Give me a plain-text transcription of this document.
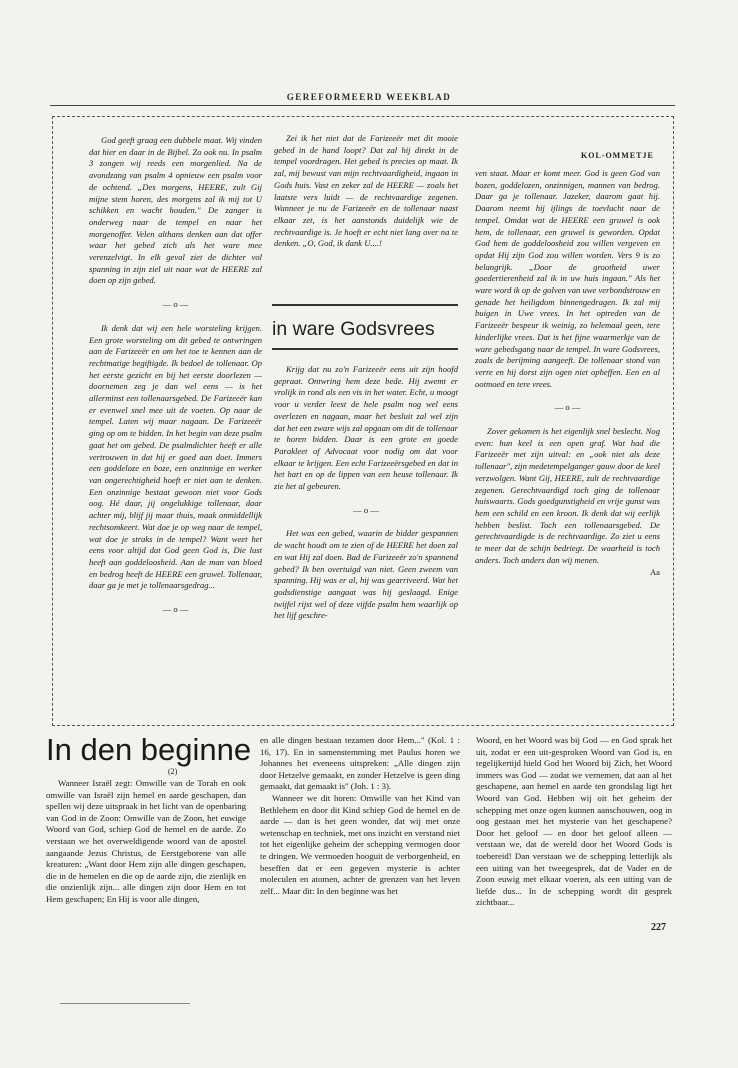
GEREFORMEERD WEEKBLAD

God geeft graag een dubbele maat. Wij vinden dat hier en daar in de Bijbel. Zo ook nu. In psalm 3 zongen wij reeds een morgenlied. Na de avondzang van psalm 4 opnieuw een psalm voor de ochtend. „Des morgens, HEERE, zult Gij mijne stem horen, des morgens zal ik mij tot U schikken en wacht houden." De zanger is onderweg naar de tempel en naar het morgenoffer. Velen althans denken aan dat offer waar het gebed zich als het ware mee verenzelvigt. In elk geval ziet de dichter vol spanning in zijn ziel uit naar wat de HEERE zal doen op zijn gebed.

— o —

Ik denk dat wij een hele worsteling krijgen. Een grote worsteling om dit gebed te ontwringen aan de Farizeeër en om het toe te kennen aan de rechtmatige begiftigde. Ik bedoel de tollenaar. Op het eerste gezicht en bij het eerste doorlezen — doornemen zeg je dan wel eens — is het allerminst een tollenaarsgebed. De Farizeeër kan er evenwel snel mee uit de voeten. Op naar de tempel. Laten wij maar nagaan. De Farizeeër ging op om te bidden. In het begin van deze psalm gaat het om gebed. De psalmdichter heeft er alle vertrouwen in dat hij er goed aan doet. Immers een goddeloze en boze, een onzinnige en werker van ongerechtigheid hoeft er niet aan te denken. Een onzinnige bestaat gewoon niet voor Gods oog. Hé daar, jij ongelukkige tollenaar, daar achter mij, blijf jij maar thuis, maak onmiddellijk rechtsomkeert. Wat doe je op weg naar de tempel, wat doe je straks in de tempel? Want weet het eens voor altijd dat God geen God is, Die lust heeft aan goddeloosheid. Aan de man van bloed en bedrog heeft de HEERE een gruwel. Tollenaar, daar ga je met je tollenaarsgedrag...

— o —

Zei ik het niet dat de Farizeeër met dit mooie gebed in de hand loopt? Dat zal hij direkt in de tempel voordragen. Het gebed is precies op maat. Ik zal, mij bewust van mijn rechtvaardigheid, ingaan in Gods huis. Vast en zeker zal de HEERE — zoals het laatste vers luidt — de rechtvaardige zegenen. Wanneer je nu de Farizeeër en de tollenaar naast elkaar zet, is het aanstonds duidelijk wie de rechtvaardige is. Je hoeft er echt niet lang over na te denken. „O, God, ik dank U....!

in ware Godsvrees

Krijg dat nu zo'n Farizeeër eens uit zijn hoofd gepraat. Ontwring hem deze bede. Hij zwemt er vrolijk in rond als een vis in het water. Echt, u moogt voor u verder leest de hele psalm nog wel eens overlezen en nagaan, maar het besluit zal wel zijn dat het een zware wijs zal opgaan om dit de tollenaar te horen bidden. Daar is een grote en goede Parakleet of Advocaat voor nodig om dat voor elkaar te krijgen. Een echt Farizeeërsgebed en dat in het hart en op de lippen van een heuse tollenaar. Ik zie het al gebeuren.

— o —

Het was een gebed, waarin de bidder gespannen de wacht houdt om te zien of de HEERE het doen zal en wat Hij zal doen. Bad de Farizeeër zo'n spannend gebed? Ik ben overtuigd van niet. Geen zweem van spanning. Hij was er al, hij was gearriveerd. Wat het godsdienstige aangaat was hij geslaagd. Enige twijfel rijst wel of deze vijfde psalm hem waarlijk op het lijf geschre-

KOL-OMMETJE

ven staat. Maar er komt meer. God is geen God van bozen, goddelozen, onzinnigen, mannen van bedrog. Daar ga je tollenaar. Jazeker, daarom gaat hij. Daarom neemt hij ijlings de toevlucht naar de tempel. Omdat wat de HEERE een gruwel is ook hem, de tollenaar, een gruwel is geworden. Opdat God hem de goddeloosheid zou willen vergeven en opdat Hij zijn God zou willen worden. Vers 9 is zo belangrijk. „Door de grootheid uwer goedertierenheid zal ik in uw huis ingaan." Als het ware word ik op de golven van uwe verbondstrouw en genade het heiligdom binnengedragen. Ik zal mij buigen in Uwe vrees. In het optreden van de Farizeeër bespeur ik weinig, zo helemaal geen, tere kinderlijke vrees. Dat is het fijne waarmerkje van de ware gebedsgang naar de tempel. In ware Godsvrees, zoals de berijming aangeeft. De tollenaar stond van verre en hij dorst zijn ogen niet opheffen. Een en al ootmoed en tere vrees.

— o —

Zover gekomen is het eigenlijk snel beslecht. Nog even: hun keel is een open graf. Wat had die Farizeeër met zijn uitval: en „ook niet als deze tollenaar", zijn medetempelganger gauw door de keel verzwolgen. Want Gij, HEERE, zult de rechtvaardige zegenen. Gerechtvaardigd toch ging de tollenaar huiswaarts. Gods goedgunstigheid en vrije gunst was hem een schild en een kroon. Ik denk dat wij eerlijk hebben beslist. Toch een tollenaarsgebed. De gerechtvaardigde is de rechtvaardige. Zo ziet u eens te meer dat de schijn bedriegt. De waarheid is toch anders. Toch anders dan wij menen.

Aa
In den beginne
(2)

Wanneer Israël zegt: Omwille van de Torah en ook omwille van Israël zijn hemel en aarde geschapen, dan spellen wij deze uitspraak in het licht van de openbaring van God in de Zoon: Omwille van de Zoon, het euwige Woord van God, schiep God de hemel en de aarde. Zo verstaan we het overweldigende woord van de apostel aangaande Jezus Christus, de Eerstgeborene van alle kreaturen: „Want door Hem zijn alle dingen geschapen, die in de hemelen en die op de aarde zijn, die zienlijk en die onzienlijk zijn... alle dingen zijn door Hem en tot Hem geschapen; En Hij is voor alle dingen,

en alle dingen bestaan tezamen door Hem..." (Kol. 1 : 16, 17). En in samenstemming met Paulus horen we Johannes het eveneens uitspreken: „Alle dingen zijn door Hetzelve gemaakt, en zonder Hetzelve is geen ding gemaakt, dat gemaakt is" (Joh. 1 : 3).

Wanneer we dit horen: Omwille van het Kind van Bethlehem en door dit Kind schiep God de hemel en de aarde — dan is het geen wonder, dat wij met onze wetenschap en techniek, met ons inzicht en verstand niet tot het eigenlijke geheim der schepping vermogen door te dringen. We vermoeden hooguit de verborgenheid, en beseffen dat er een gegeven mysterie is achter moleculen en atomen, achter de grenzen van het leven zelf... Maar dit: In den beginne was het

Woord, en het Woord was bij God — en God sprak het uit, zodat er een uit-gesproken Woord van God is, en tegelijkertijd hield God het Woord bij Zich, het Woord immers was God — zodat we vernemen, dat aan al het geschapene, aan hemel en aarde ten grondslag ligt het Woord van God. Hebben wij oit het geheim der schepping met onze ogen kunnen aanschouwen, oog in oog gestaan met het mysterie van het geschapene? Door het geloof — en door het geloof alleen — verstaan we, dat de wereld door het Woord Gods is toebereid! Dan verstaan we de schepping letterlijk als een uiting van het tweegesprek, dat de Vader en de Zoon euwig met elkaar voeren, als een uiting van de liefde dus... In de schepping wordt dit gesprek zichtbaar...

227
